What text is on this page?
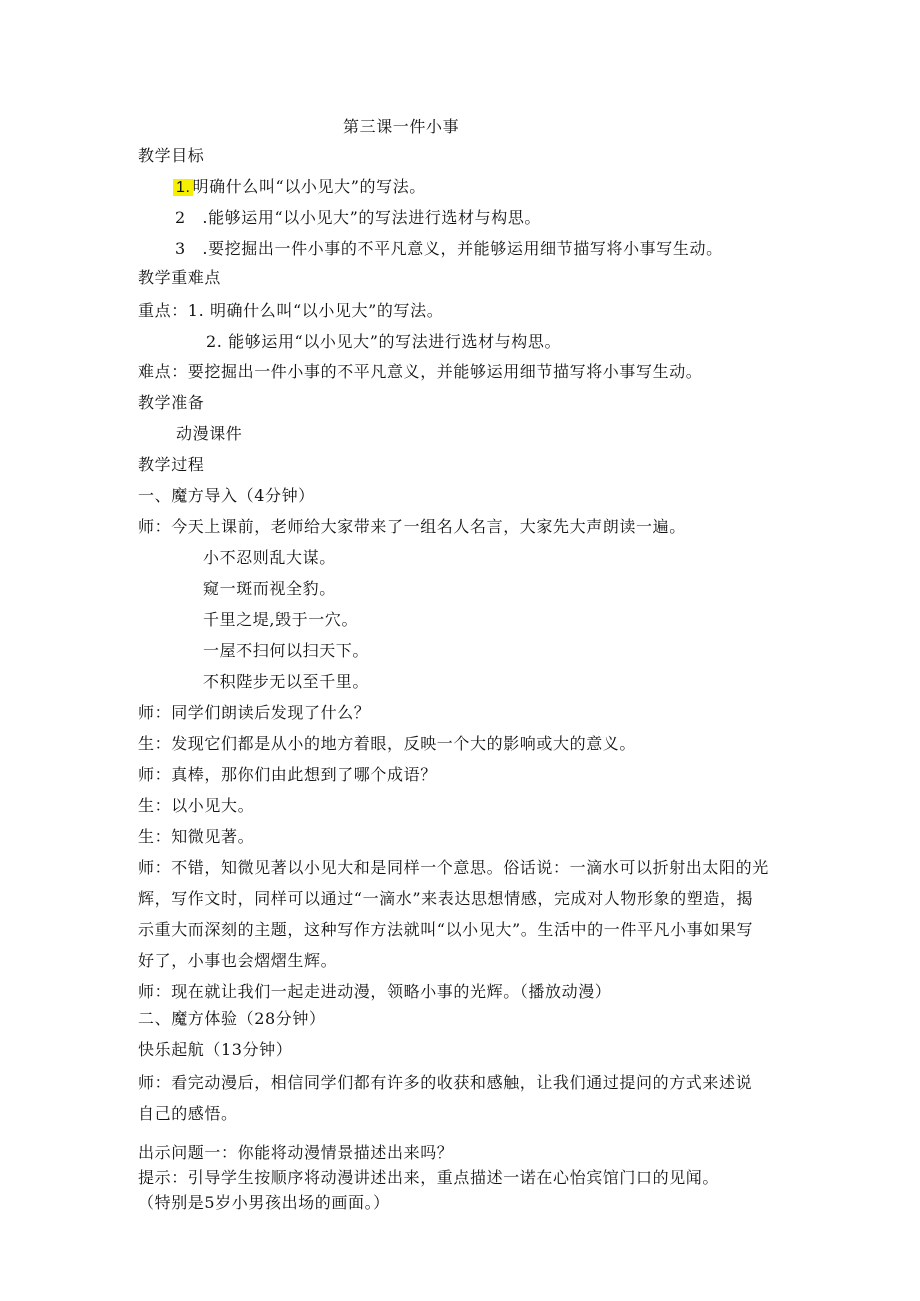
第三课一件小事
教学目标
1. 明确什么叫“以小见大”的写法。
2　.能够运用“以小见大”的写法进行选材与构思。
3　.要挖掘出一件小事的不平凡意义，并能够运用细节描写将小事写生动。
教学重难点
重点：1. 明确什么叫“以小见大”的写法。
2. 能够运用“以小见大”的写法进行选材与构思。
难点：要挖掘出一件小事的不平凡意义，并能够运用细节描写将小事写生动。
教学准备
动漫课件
教学过程
一、魔方导入（4分钟）
师：今天上课前，老师给大家带来了一组名人名言，大家先大声朗读一遍。
小不忍则乱大谋。
窥一斑而视全豹。
千里之堤,毁于一穴。
一屋不扫何以扫天下。
不积陛步无以至千里。
师：同学们朗读后发现了什么？
生：发现它们都是从小的地方着眼，反映一个大的影响或大的意义。
师：真棒，那你们由此想到了哪个成语？
生：以小见大。
生：知微见著。
师：不错，知微见著以小见大和是同样一个意思。俗话说：一滴水可以折射出太阳的光
辉，写作文时，同样可以通过“一滴水”来表达思想情感，完成对人物形象的塑造，揭
示重大而深刻的主题，这种写作方法就叫“以小见大”。生活中的一件平凡小事如果写
好了，小事也会熠熠生辉。
师：现在就让我们一起走进动漫，领略小事的光辉。（播放动漫）
二、魔方体验（28分钟）
快乐起航（13分钟）
师：看完动漫后，相信同学们都有许多的收获和感触，让我们通过提问的方式来述说
自己的感悟。
出示问题一：你能将动漫情景描述出来吗？
提示：引导学生按顺序将动漫讲述出来，重点描述一诺在心怡宾馆门口的见闻。
（特别是5岁小男孩出场的画面。）
